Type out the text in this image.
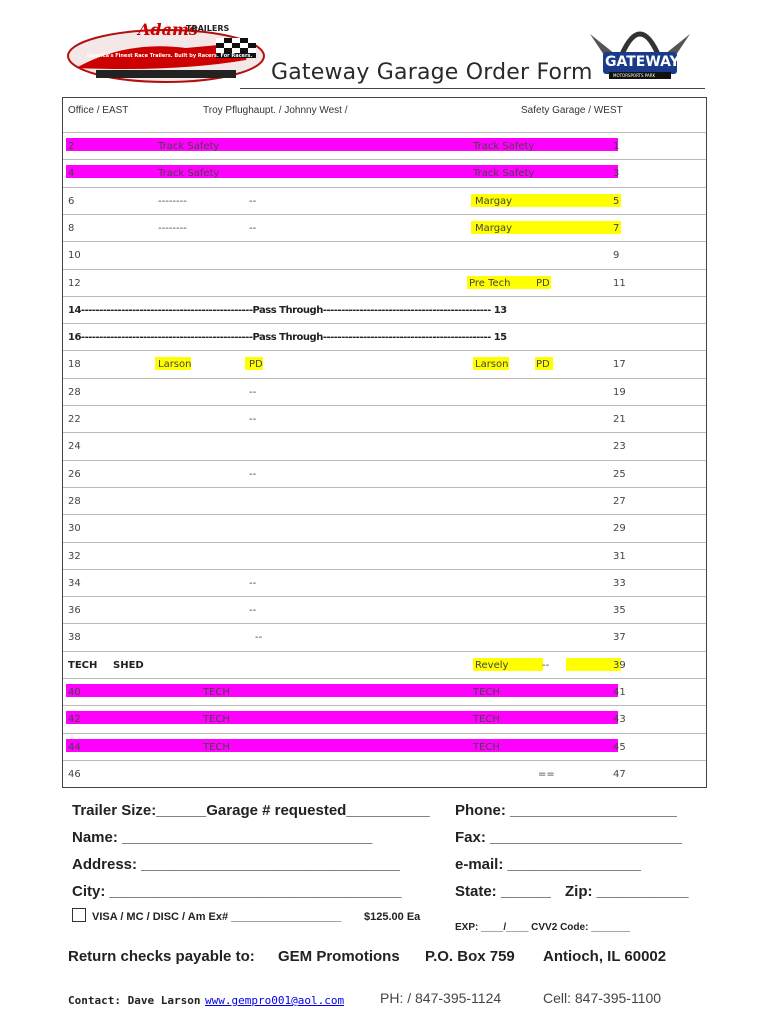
Adams
TRAILERS
America's Finest Race Trailers. Built by Racers. For Racers.	GATEWAY
MOTORSPORTS PARK
Gateway Garage Order Form
Office / EAST	Troy Pflughaupt. / Johnny West /	Safety Garage / WEST
2	Track Safety	Track Safety	1
4	Track Safety	Track Safety	3
6	--------	--	Margay	5
8	--------	--	Margay	7
10	9
12	Pre Tech	PD	11
14-----------------------------------------------Pass Through---------------------------------------------- 13
16-----------------------------------------------Pass Through---------------------------------------------- 15
18	Larson	PD	Larson	PD	17
28	--	19
22	--	21
24	23
26	--	25
28	27
30	29
32	31
34	--	33
36	--	35
38	--	37
TECH SHED	Revely	--	39
40	TECH	TECH	41
42	TECH	TECH	43
44	TECH	TECH	45
46	==	47
Trailer Size:______Garage # requested__________ Phone: ____________________
Name: ______________________________	Fax: _______________________
Address: _______________________________	e-mail: ________________
City: ___________________________________	State: ______ Zip: ___________
VISA / MC / DISC / Am Ex# __________________ $125.00 Ea
EXP: ____/____ CVV2 Code: _______
Return checks payable to: GEM Promotions P.O. Box 759 Antioch, IL 60002
Contact: Dave Larson www.gempro001@aol.com	PH: / 847-395-1124	Cell: 847-395-1100
